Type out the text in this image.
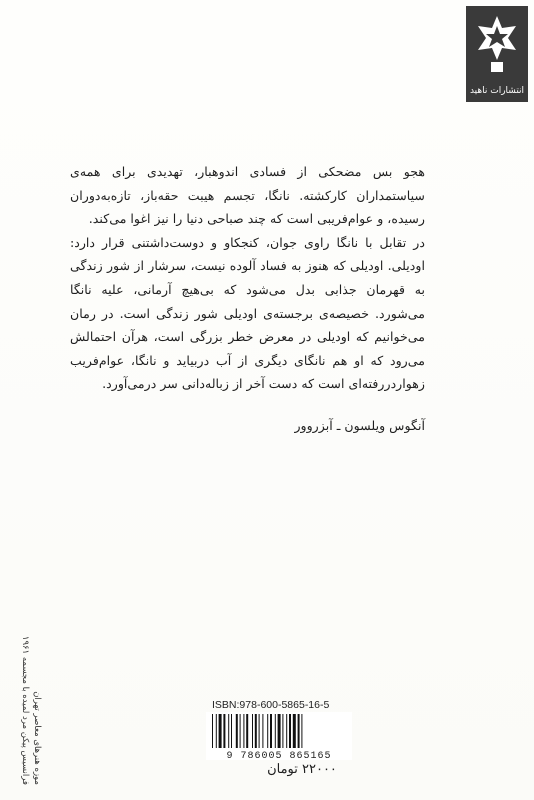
انتشارات ناهید

هجو بس مضحکی از فسادی اندوهبار، تهدیدی برای همه‌ی سیاستمداران کارکشته. نانگا، تجسم هیبت حقه‌باز، تازه‌به‌دوران رسیده، و عوام‌فریبی است که چند صباحی دنیا را نیز اغوا می‌کند.

در تقابل با نانگا راوی جوان، کنجکاو و دوست‌داشتنی قرار دارد: اودیلی. اودیلی که هنوز به فساد آلوده نیست، سرشار از شور زندگی به قهرمان جذابی بدل می‌شود که بی‌هیچ آرمانی، علیه نانگا می‌شورد. خصیصه‌ی برجسته‌ی اودیلی شور زندگی است. در رمان می‌خوانیم که اودیلی در معرض خطر بزرگی است، هرآن احتمالش می‌رود که او هم نانگای دیگری از آب دربیاید و نانگا، عوام‌فریب زهواردررفته‌ای است که دست آخر از زباله‌دانی سر درمی‌آورد.

آنگوس ویلسون ـ آبزروور
فرانسیس پیکن مرد لمیده با مجسمه ۱۹۶۱ موزه هنرهای معاصر تهران	ISBN:978-600-5865-16-5
9 786005 865165
۲۲۰۰۰ تومان
